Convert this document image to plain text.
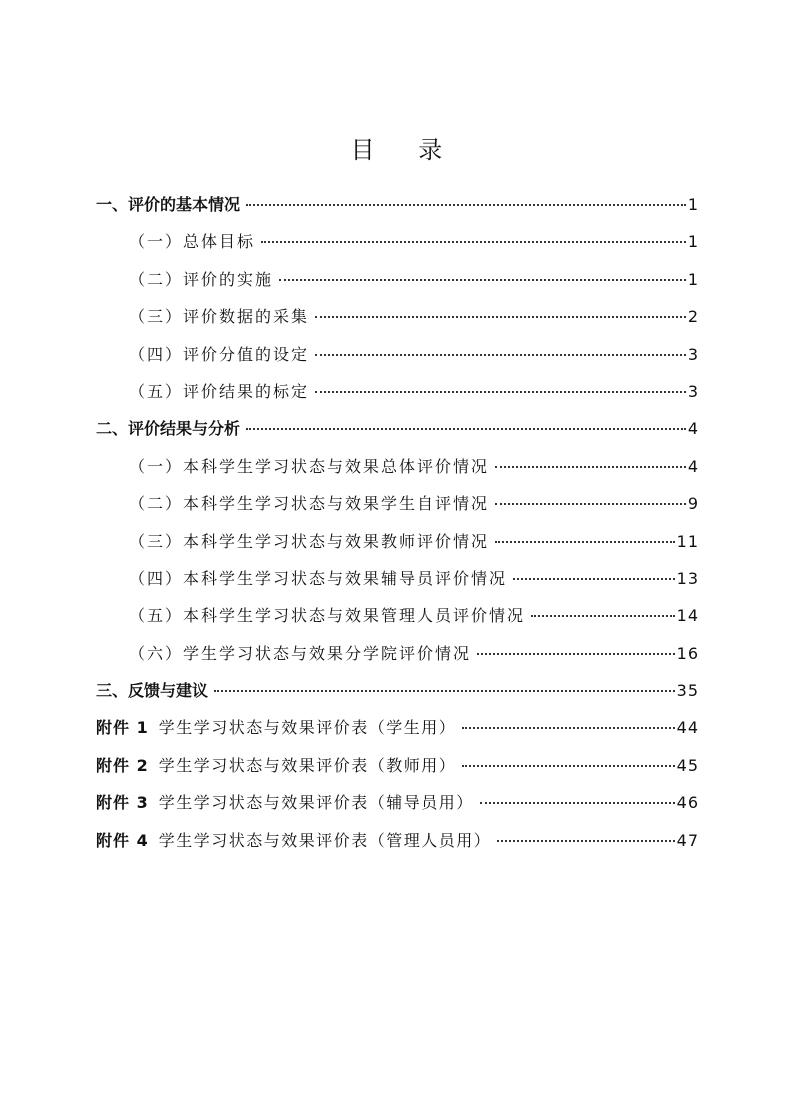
目 录
一、评价的基本情况	1
（一）总体目标	1
（二）评价的实施	1
（三）评价数据的采集	2
（四）评价分值的设定	3
（五）评价结果的标定	3
二、评价结果与分析	4
（一）本科学生学习状态与效果总体评价情况	4
（二）本科学生学习状态与效果学生自评情况	9
（三）本科学生学习状态与效果教师评价情况	11
（四）本科学生学习状态与效果辅导员评价情况	13
（五）本科学生学习状态与效果管理人员评价情况	14
（六）学生学习状态与效果分学院评价情况	16
三、反馈与建议	35
附件 1 学生学习状态与效果评价表（学生用）	44
附件 2 学生学习状态与效果评价表（教师用）	45
附件 3 学生学习状态与效果评价表（辅导员用）	46
附件 4 学生学习状态与效果评价表（管理人员用）	47
